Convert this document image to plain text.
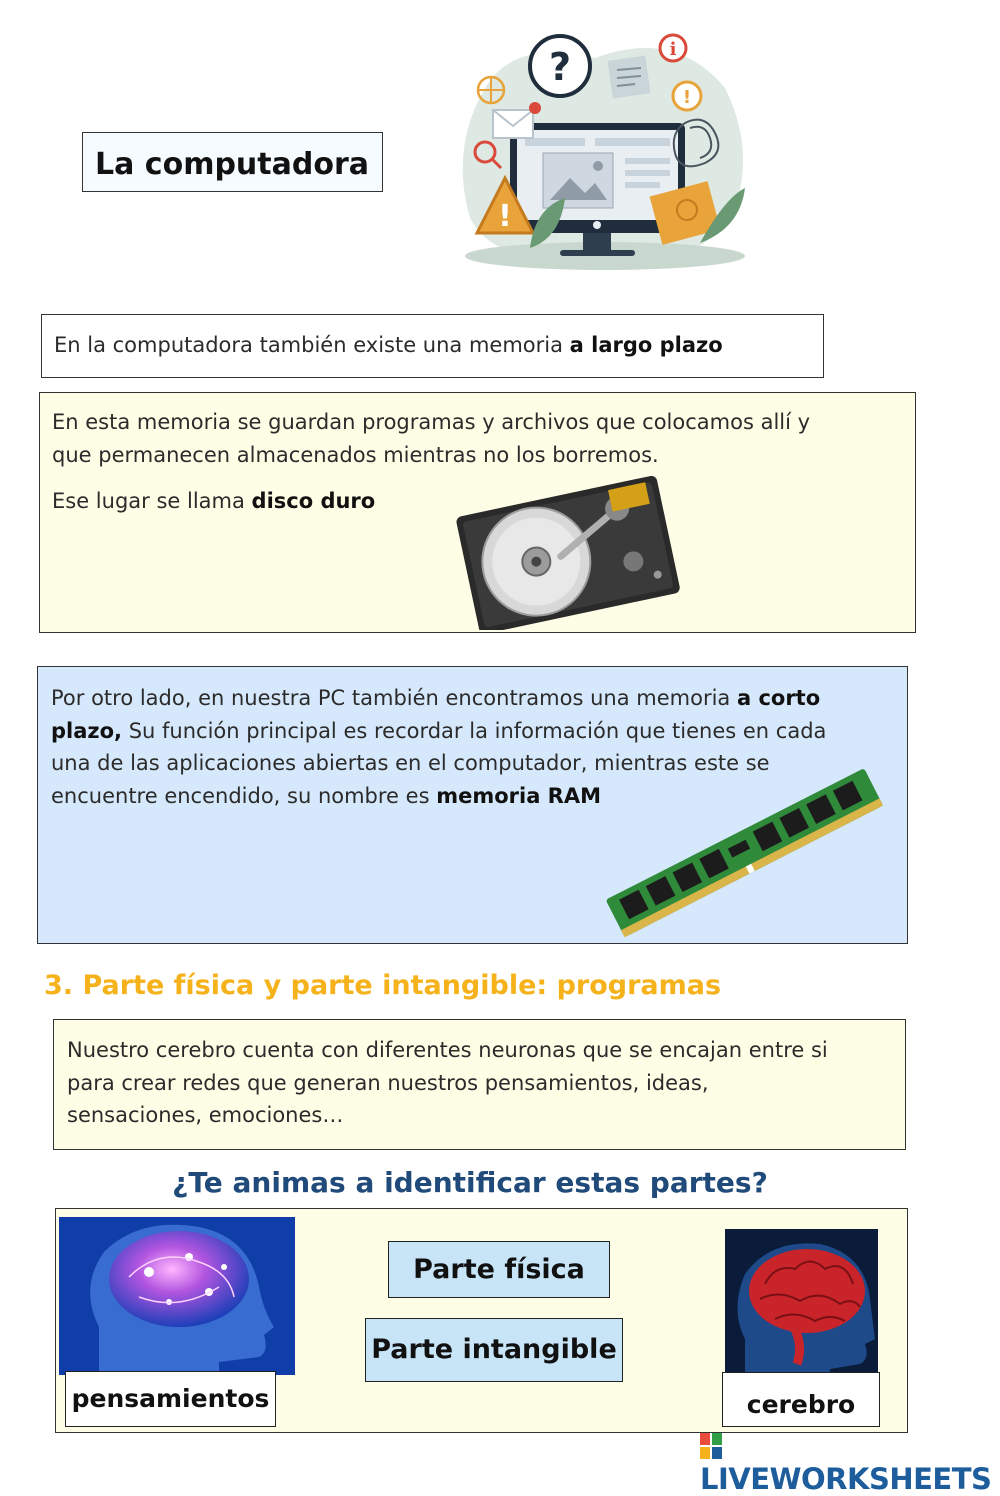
La computadora
?	i
!
!
En la computadora también existe una memoria a largo plazo
En esta memoria se guardan programas y archivos que colocamos allí y
que permanecen almacenados mientras no los borremos.
Ese lugar se llama disco duro
Por otro lado, en nuestra PC también encontramos una memoria a corto
plazo, Su función principal es recordar la información que tienes en cada
una de las aplicaciones abiertas en el computador, mientras este se
encuentre encendido, su nombre es memoria RAM
3. Parte física y parte intangible: programas
Nuestro cerebro cuenta con diferentes neuronas que se encajan entre si
para crear redes que generan nuestros pensamientos, ideas,
sensaciones, emociones…
¿Te animas a identificar estas partes?
Parte física
Parte intangible
pensamientos	cerebro
LIVEWORKSHEETS
